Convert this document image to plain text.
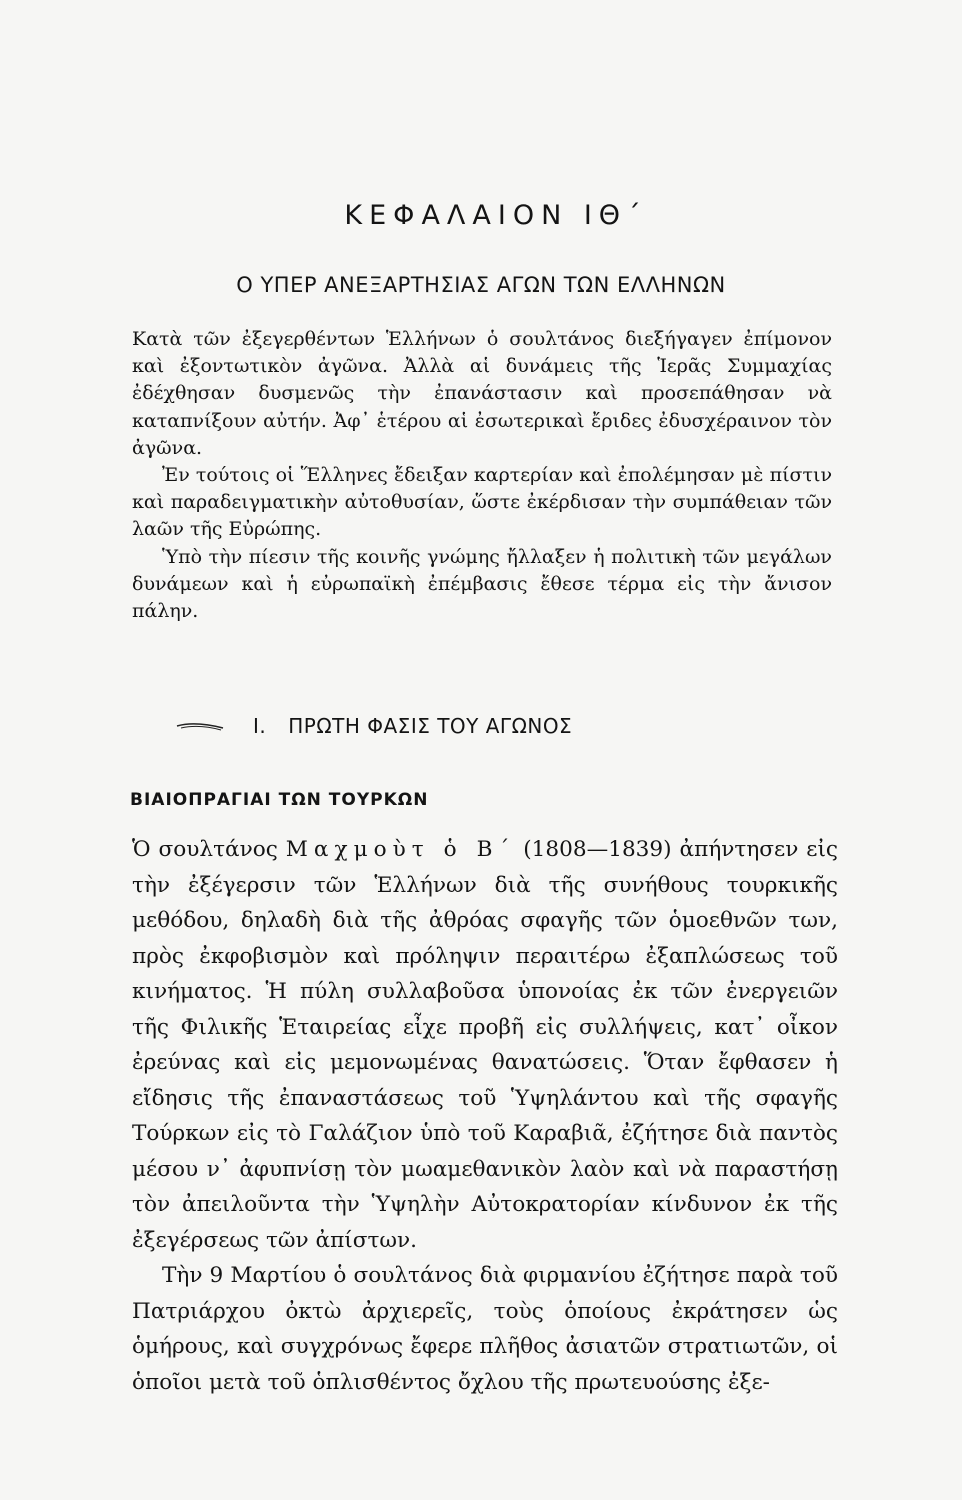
ΚΕΦΑΛΑΙΟΝ ΙΘ΄
Ο ΥΠΕΡ ΑΝΕΞΑΡΤΗΣΙΑΣ ΑΓΩΝ ΤΩΝ ΕΛΛΗΝΩΝ

Κατὰ τῶν ἐξεγερθέντων Ἑλλήνων ὁ σουλτάνος διεξήγαγεν ἐπίμονον καὶ ἐξοντωτικὸν ἀγῶνα. Ἀλλὰ αἱ δυνάμεις τῆς Ἱερᾶς Συμμαχίας ἐδέχθησαν δυσμενῶς τὴν ἐπανάστασιν καὶ προσεπάθησαν νὰ καταπνίξουν αὐτήν. Ἀφ᾽ ἑτέρου αἱ ἐσωτερικαὶ ἔριδες ἐδυσχέραινον τὸν ἀγῶνα.

Ἐν τούτοις οἱ Ἕλληνες ἔδειξαν καρτερίαν καὶ ἐπολέμησαν μὲ πίστιν καὶ παραδειγματικὴν αὐτοθυσίαν, ὥστε ἐκέρδισαν τὴν συμπάθειαν τῶν λαῶν τῆς Εὐρώπης.

Ὑπὸ τὴν πίεσιν τῆς κοινῆς γνώμης ἤλλαξεν ἡ πολιτικὴ τῶν μεγάλων δυνάμεων καὶ ἡ εὐρωπαϊκὴ ἐπέμβασις ἔθεσε τέρμα εἰς τὴν ἄνισον πάλην.

Ι. ΠΡΩΤΗ ΦΑΣΙΣ ΤΟΥ ΑΓΩΝΟΣ
ΒΙΑΙΟΠΡΑΓΙΑΙ ΤΩΝ ΤΟΥΡΚΩΝ

Ὁ σουλτάνος Μαχμοὺτ ὁ Β΄ (1808—1839) ἀπήντησεν εἰς τὴν ἐξέγερσιν τῶν Ἑλλήνων διὰ τῆς συνήθους τουρκικῆς μεθόδου, δηλαδὴ διὰ τῆς ἀθρόας σφαγῆς τῶν ὁμοεθνῶν των, πρὸς ἐκφοβισμὸν καὶ πρόληψιν περαιτέρω ἐξαπλώσεως τοῦ κινήματος. Ἡ πύλη συλλαβοῦσα ὑπονοίας ἐκ τῶν ἐνεργειῶν τῆς Φιλικῆς Ἑταιρείας εἶχε προβῆ εἰς συλλήψεις, κατ᾽ οἶκον ἐρεύνας καὶ εἰς μεμονωμένας θανατώσεις. Ὅταν ἔφθασεν ἡ εἴδησις τῆς ἐπαναστάσεως τοῦ Ὑψηλάντου καὶ τῆς σφαγῆς Τούρκων εἰς τὸ Γαλάζιον ὑπὸ τοῦ Καραβιᾶ, ἐζήτησε διὰ παντὸς μέσου ν᾽ ἀφυπνίσῃ τὸν μωαμεθανικὸν λαὸν καὶ νὰ παραστήσῃ τὸν ἀπειλοῦντα τὴν Ὑψηλὴν Αὐτοκρατορίαν κίνδυνον ἐκ τῆς ἐξεγέρσεως τῶν ἀπίστων.

Τὴν 9 Μαρτίου ὁ σουλτάνος διὰ φιρμανίου ἐζήτησε παρὰ τοῦ Πατριάρχου ὀκτὼ ἀρχιερεῖς, τοὺς ὁποίους ἐκράτησεν ὡς ὁμήρους, καὶ συγχρόνως ἔφερε πλῆθος ἀσιατῶν στρατιωτῶν, οἱ ὁποῖοι μετὰ τοῦ ὁπλισθέντος ὄχλου τῆς πρωτευούσης ἐξε-
